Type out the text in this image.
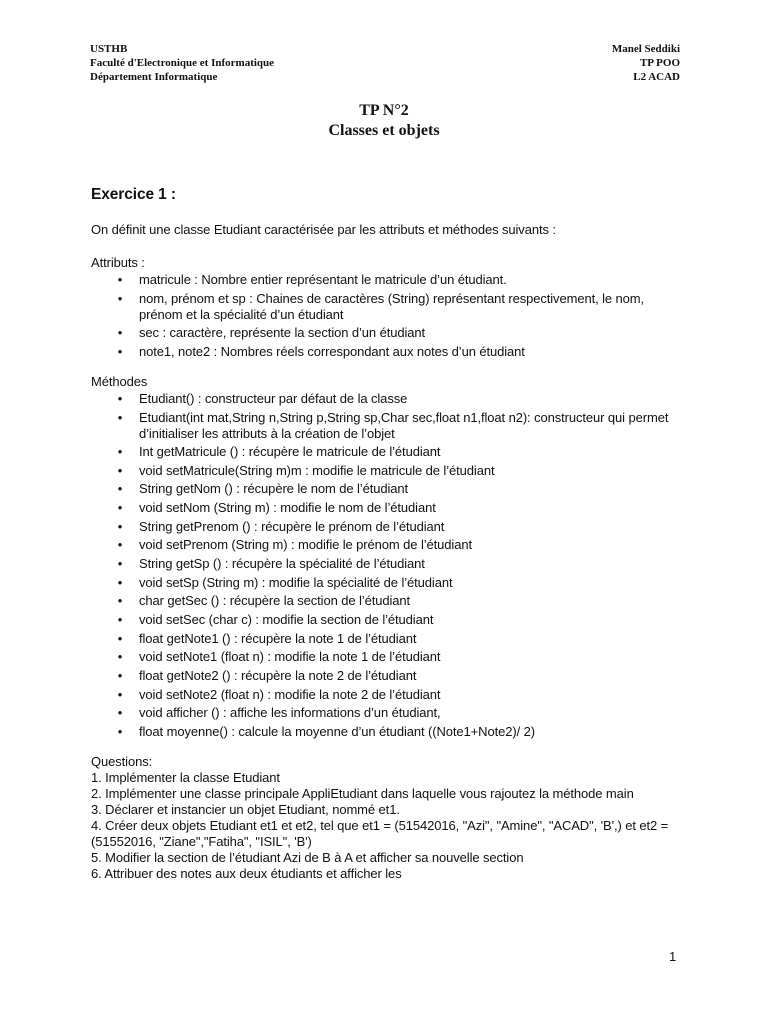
USTHB
Faculté d'Electronique et Informatique
Département Informatique
Manel Seddiki
TP POO
L2 ACAD
TP N°2
Classes et objets
Exercice 1 :

On définit une classe Etudiant caractérisée par les attributs et méthodes suivants :

Attributs :

• matricule : Nombre entier représentant le matricule d’un étudiant.
• nom, prénom et sp : Chaines de caractères (String) représentant respectivement, le nom, prénom et la spécialité d’un étudiant
• sec : caractère, représente la section d’un étudiant
• note1, note2 : Nombres réels correspondant aux notes d’un étudiant

Méthodes

• Etudiant() : constructeur par défaut de la classe
• Etudiant(int mat,String n,String p,String sp,Char sec,float n1,float n2): constructeur qui permet d’initialiser les attributs à la création de l’objet
• Int getMatricule () : récupère le matricule de l’étudiant
• void setMatricule(String m)m : modifie le matricule de l’étudiant
• String getNom () : récupère le nom de l’étudiant
• void setNom (String m) : modifie le nom de l’étudiant
• String getPrenom () : récupère le prénom de l’étudiant
• void setPrenom (String m) : modifie le prénom de l’étudiant
• String getSp () : récupère la spécialité de l’étudiant
• void setSp (String m) : modifie la spécialité de l’étudiant
• char getSec () : récupère la section de l’étudiant
• void setSec (char c) : modifie la section de l’étudiant
• float getNote1 () : récupère la note 1 de l’étudiant
• void setNote1 (float n) : modifie la note 1 de l’étudiant
• float getNote2 () : récupère la note 2 de l’étudiant
• void setNote2 (float n) : modifie la note 2 de l’étudiant
• void afficher () : affiche les informations d’un étudiant,
• float moyenne() : calcule la moyenne d’un étudiant ((Note1+Note2)/ 2)

Questions:

1. Implémenter la classe Etudiant
2. Implémenter une classe principale AppliEtudiant dans laquelle vous rajoutez la méthode main
3. Déclarer et instancier un objet Etudiant, nommé et1.
4. Créer deux objets Etudiant et1 et et2, tel que et1 = (51542016, "Azi", "Amine", "ACAD", 'B',) et et2 = (51552016, "Ziane","Fatiha", "ISIL", 'B')
5. Modifier la section de l’étudiant Azi de B à A et afficher sa nouvelle section
6. Attribuer des notes aux deux étudiants et afficher les
1
